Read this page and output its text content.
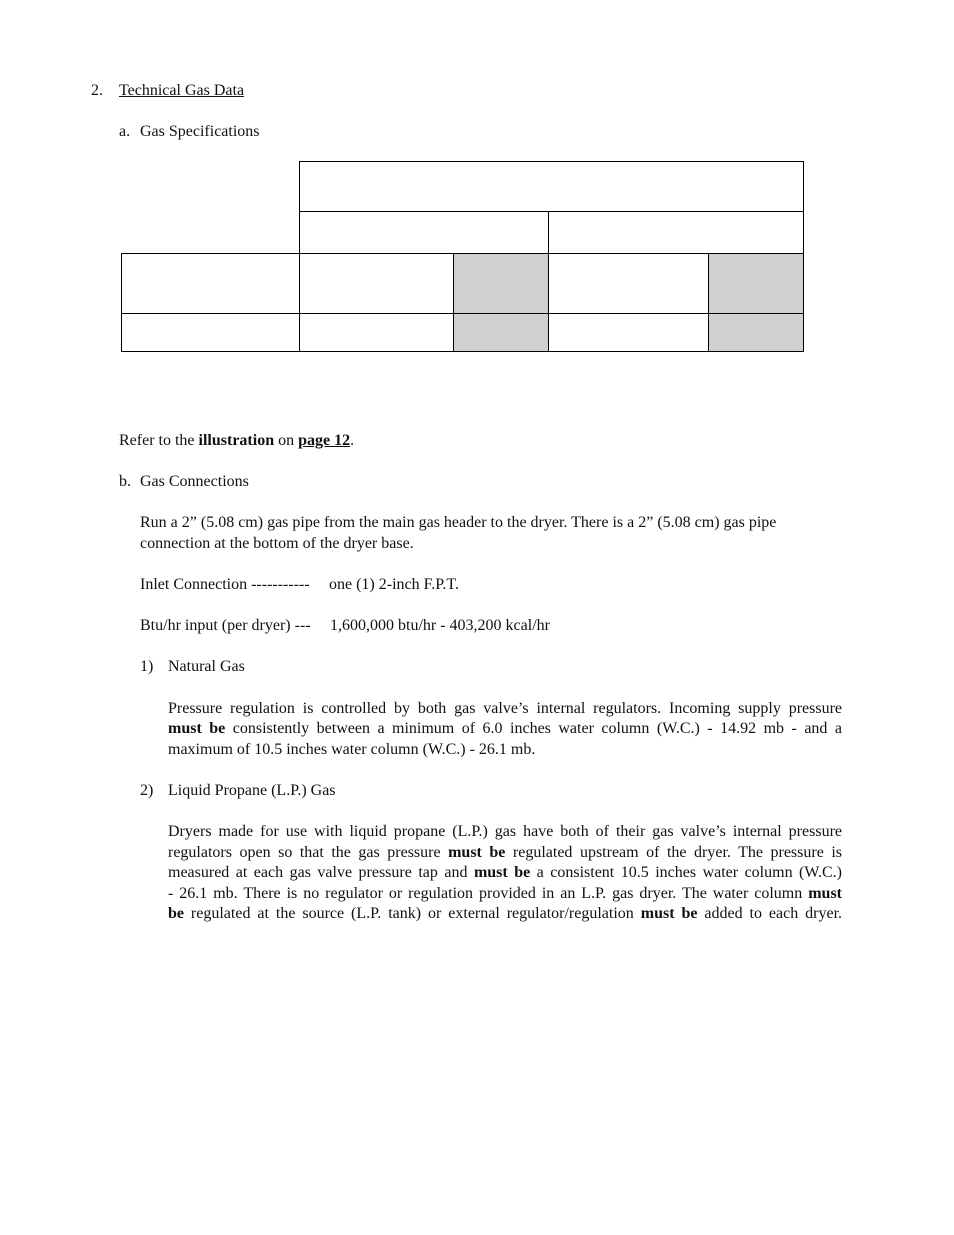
2. Technical Gas Data
a. Gas Specifications
Refer to the illustration on page 12.
b. Gas Connections
Run a 2” (5.08 cm) gas pipe from the main gas header to the dryer. There is a 2” (5.08 cm) gas pipe
connection at the bottom of the dryer base.
Inlet Connection ----------- one (1) 2-inch F.P.T.
Btu/hr input (per dryer) --- 1,600,000 btu/hr - 403,200 kcal/hr
1) Natural Gas
Pressure regulation is controlled by both gas valve’s internal regulators. Incoming supply pressure
must be consistently between a minimum of 6.0 inches water column (W.C.) - 14.92 mb - and a
maximum of 10.5 inches water column (W.C.) - 26.1 mb.
2) Liquid Propane (L.P.) Gas
Dryers made for use with liquid propane (L.P.) gas have both of their gas valve’s internal pressure
regulators open so that the gas pressure must be regulated upstream of the dryer. The pressure is
measured at each gas valve pressure tap and must be a consistent 10.5 inches water column (W.C.)
- 26.1 mb. There is no regulator or regulation provided in an L.P. gas dryer. The water column must
be regulated at the source (L.P. tank) or external regulator/regulation must be added to each dryer.
